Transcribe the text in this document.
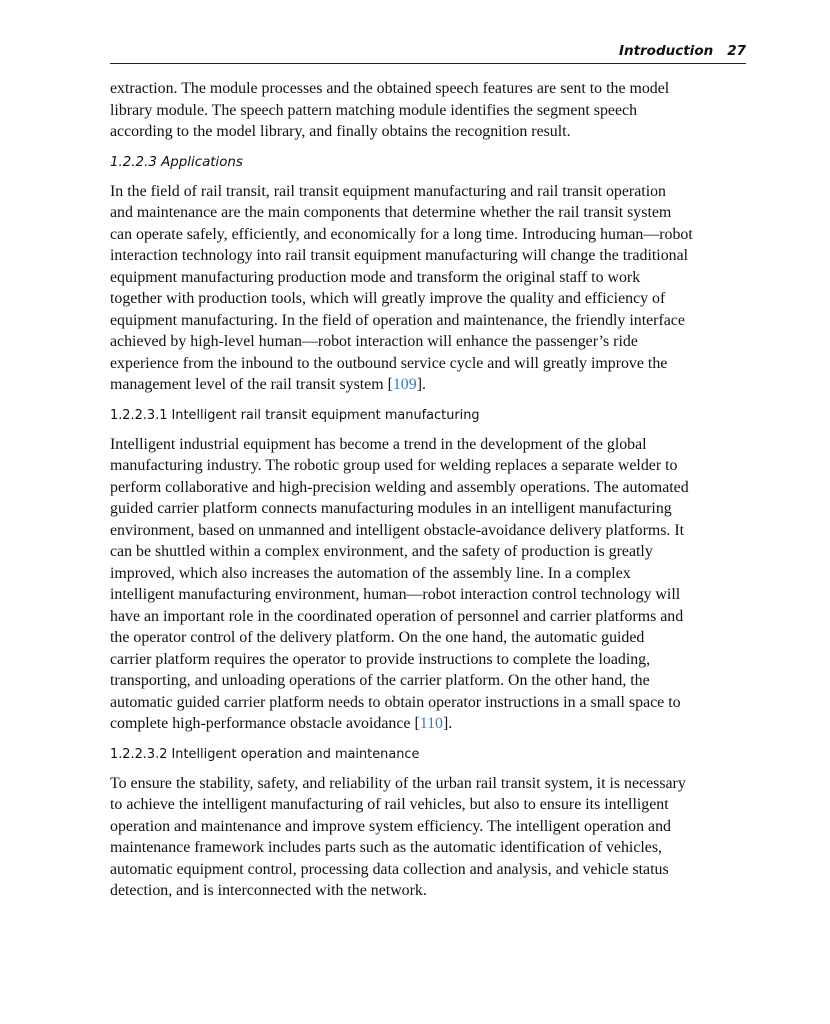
Introduction 27

extraction. The module processes and the obtained speech features are sent to the model

library module. The speech pattern matching module identifies the segment speech

according to the model library, and finally obtains the recognition result.

1.2.2.3 Applications

In the field of rail transit, rail transit equipment manufacturing and rail transit operation

and maintenance are the main components that determine whether the rail transit system

can operate safely, efficiently, and economically for a long time. Introducing human—robot

interaction technology into rail transit equipment manufacturing will change the traditional

equipment manufacturing production mode and transform the original staff to work

together with production tools, which will greatly improve the quality and efficiency of

equipment manufacturing. In the field of operation and maintenance, the friendly interface

achieved by high-level human—robot interaction will enhance the passenger’s ride

experience from the inbound to the outbound service cycle and will greatly improve the

management level of the rail transit system [109].

1.2.2.3.1 Intelligent rail transit equipment manufacturing

Intelligent industrial equipment has become a trend in the development of the global

manufacturing industry. The robotic group used for welding replaces a separate welder to

perform collaborative and high-precision welding and assembly operations. The automated

guided carrier platform connects manufacturing modules in an intelligent manufacturing

environment, based on unmanned and intelligent obstacle-avoidance delivery platforms. It

can be shuttled within a complex environment, and the safety of production is greatly

improved, which also increases the automation of the assembly line. In a complex

intelligent manufacturing environment, human—robot interaction control technology will

have an important role in the coordinated operation of personnel and carrier platforms and

the operator control of the delivery platform. On the one hand, the automatic guided

carrier platform requires the operator to provide instructions to complete the loading,

transporting, and unloading operations of the carrier platform. On the other hand, the

automatic guided carrier platform needs to obtain operator instructions in a small space to

complete high-performance obstacle avoidance [110].

1.2.2.3.2 Intelligent operation and maintenance

To ensure the stability, safety, and reliability of the urban rail transit system, it is necessary

to achieve the intelligent manufacturing of rail vehicles, but also to ensure its intelligent

operation and maintenance and improve system efficiency. The intelligent operation and

maintenance framework includes parts such as the automatic identification of vehicles,

automatic equipment control, processing data collection and analysis, and vehicle status

detection, and is interconnected with the network.
